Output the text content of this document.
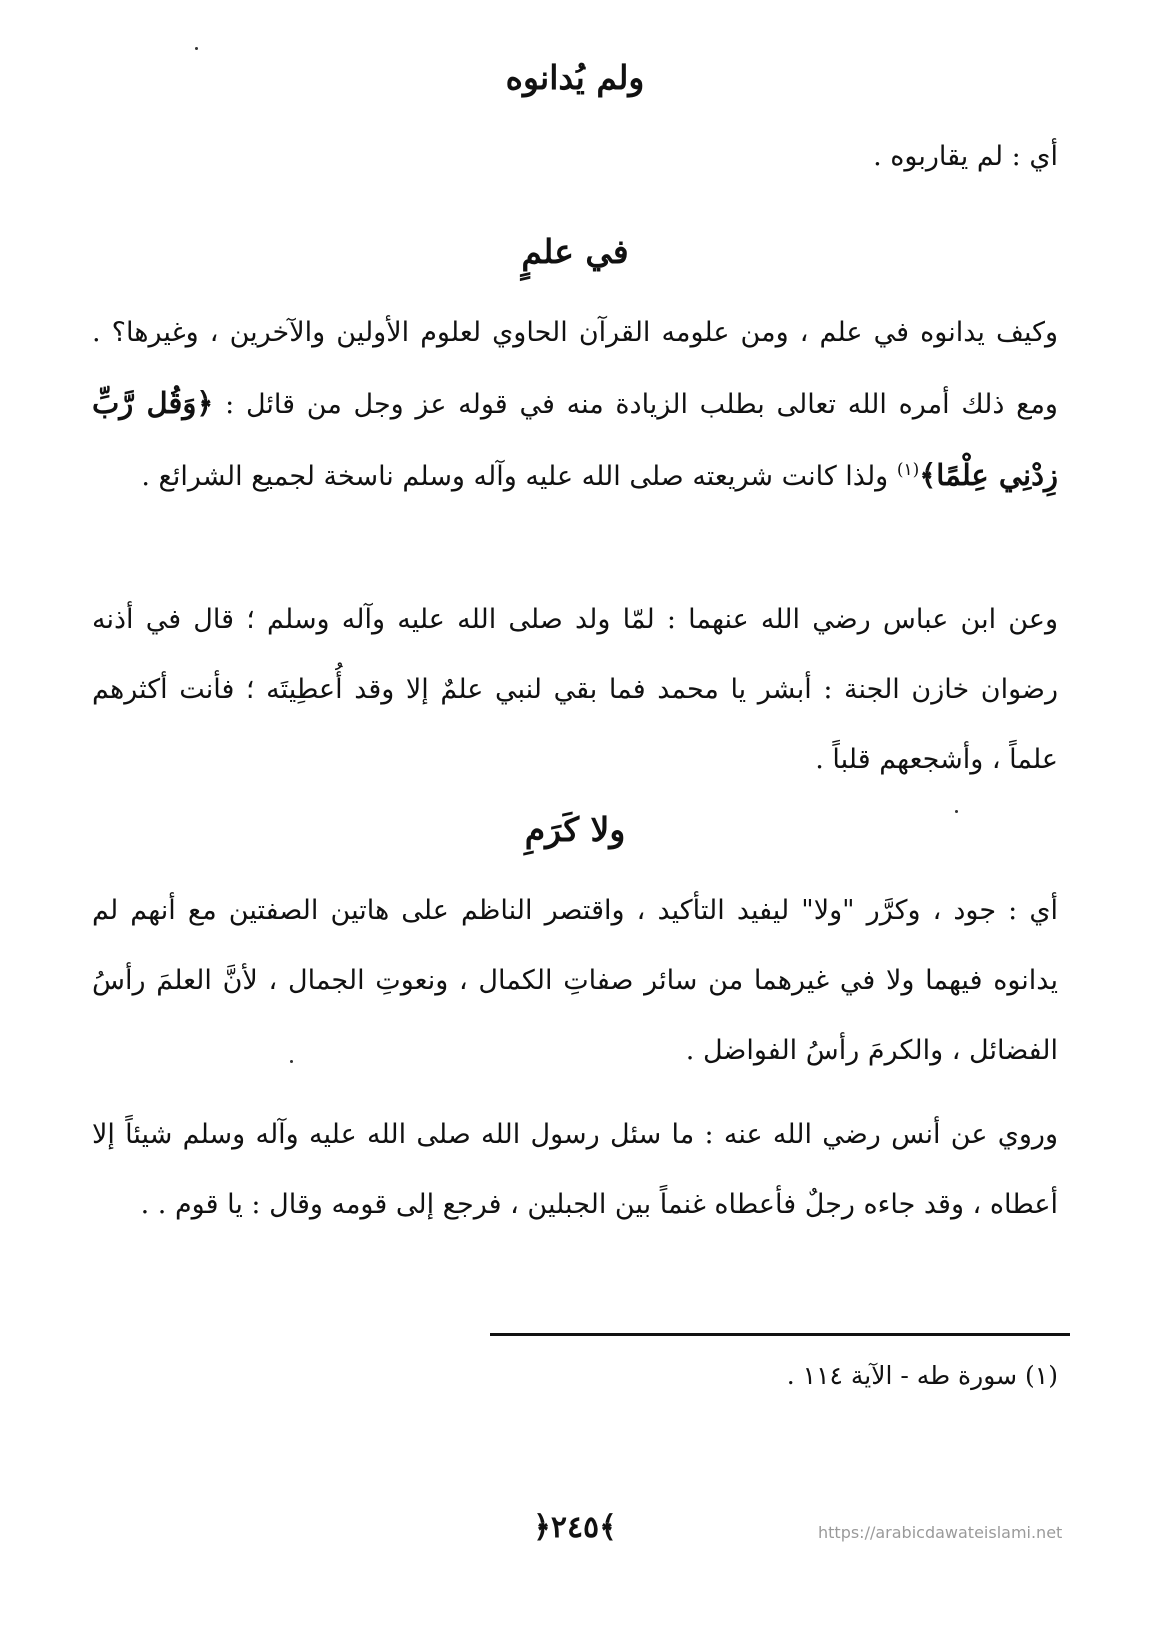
ولم يُدانوه
أي : لم يقاربوه .
في علمٍ
وكيف يدانوه في علم ، ومن علومه القرآن الحاوي لعلوم الأولين والآخرين ، وغيرها؟ . ومع ذلك أمره الله تعالى بطلب الزيادة منه في قوله عز وجل من قائل : ﴿وَقُل رَّبِّ زِدْنِي عِلْمًا﴾$^{(١)}$ ولذا كانت شريعته صلى الله عليه وآله وسلم ناسخة لجميع الشرائع .
وعن ابن عباس رضي الله عنهما : لمّا ولد صلى الله عليه وآله وسلم ؛ قال في أذنه رضوان خازن الجنة : أبشر يا محمد فما بقي لنبي علمٌ إلا وقد أُعطِيتَه ؛ فأنت أكثرهم علماً ، وأشجعهم قلباً .
ولا كَرَمِ
أي : جود ، وكرَّر "ولا" ليفيد التأكيد ، واقتصر الناظم على هاتين الصفتين مع أنهم لم يدانوه فيهما ولا في غيرهما من سائر صفاتِ الكمال ، ونعوتِ الجمال ، لأنَّ العلمَ رأسُ الفضائل ، والكرمَ رأسُ الفواضل .
وروي عن أنس رضي الله عنه : ما سئل رسول الله صلى الله عليه وآله وسلم شيئاً إلا أعطاه ، وقد جاءه رجلٌ فأعطاه غنماً بين الجبلين ، فرجع إلى قومه وقال : يا قوم . .
(١) سورة طه - الآية ١١٤ .
﴿٢٤٥﴾	https://arabicdawateislami.net
